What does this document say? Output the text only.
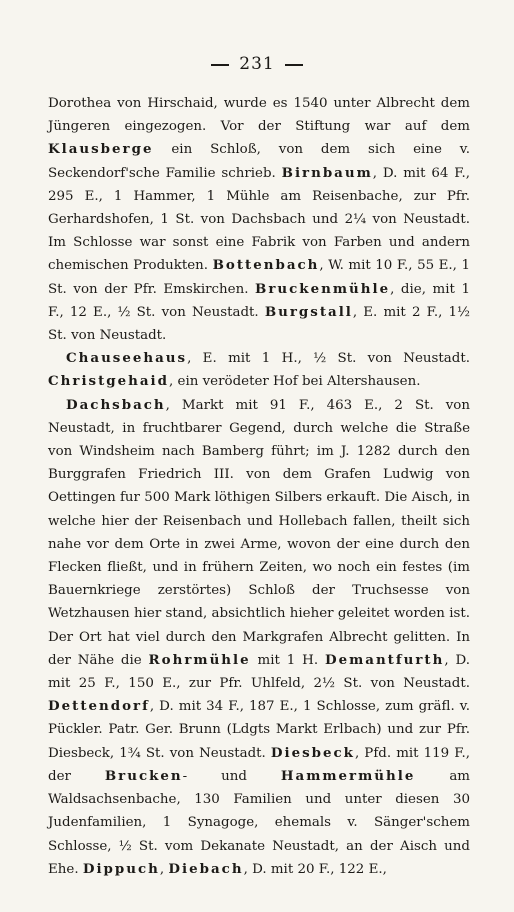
231

Dorothea von Hirschaid, wurde es 1540 unter Albrecht dem Jüngeren eingezogen. Vor der Stiftung war auf dem Klausberge ein Schloß, von dem sich eine v. Seckendorf'sche Familie schrieb. Birnbaum, D. mit 64 F., 295 E., 1 Hammer, 1 Mühle am Reisenbache, zur Pfr. Gerhardshofen, 1 St. von Dachsbach und 2¼ von Neustadt. Im Schlosse war sonst eine Fabrik von Farben und andern chemischen Produkten. Bottenbach, W. mit 10 F., 55 E., 1 St. von der Pfr. Emskirchen. Bruckenmühle, die, mit 1 F., 12 E., ½ St. von Neustadt. Burgstall, E. mit 2 F., 1½ St. von Neustadt.

Chauseehaus, E. mit 1 H., ½ St. von Neustadt. Christgehaid, ein verödeter Hof bei Altershausen.

Dachsbach, Markt mit 91 F., 463 E., 2 St. von Neustadt, in fruchtbarer Gegend, durch welche die Straße von Windsheim nach Bamberg führt; im J. 1282 durch den Burggrafen Friedrich III. von dem Grafen Ludwig von Oettingen fur 500 Mark löthigen Silbers erkauft. Die Aisch, in welche hier der Reisenbach und Hollebach fallen, theilt sich nahe vor dem Orte in zwei Arme, wovon der eine durch den Flecken fließt, und in frühern Zeiten, wo noch ein festes (im Bauernkriege zerstörtes) Schloß der Truchsesse von Wetzhausen hier stand, absichtlich hieher geleitet worden ist. Der Ort hat viel durch den Markgrafen Albrecht gelitten. In der Nähe die Rohrmühle mit 1 H. Demantfurth, D. mit 25 F., 150 E., zur Pfr. Uhlfeld, 2½ St. von Neustadt. Dettendorf, D. mit 34 F., 187 E., 1 Schlosse, zum gräfl. v. Pückler. Patr. Ger. Brunn (Ldgts Markt Erlbach) und zur Pfr. Diesbeck, 1¾ St. von Neustadt. Diesbeck, Pfd. mit 119 F., der Brucken- und Hammermühle am Waldsachsenbache, 130 Familien und unter diesen 30 Judenfamilien, 1 Synagoge, ehemals v. Sänger'schem Schlosse, ½ St. vom Dekanate Neustadt, an der Aisch und Ehe. Dippuch, Diebach, D. mit 20 F., 122 E.,
